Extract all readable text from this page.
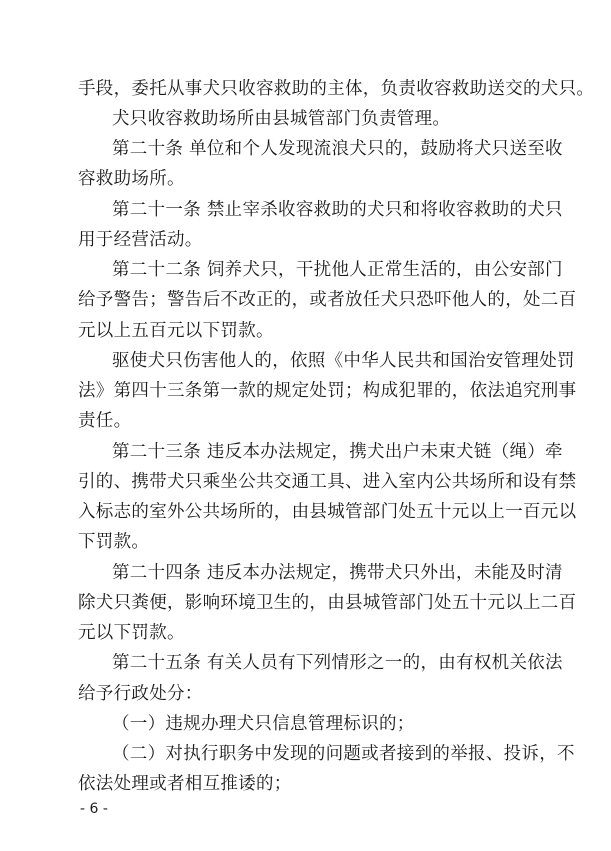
手段，委托从事犬只收容救助的主体，负责收容救助送交的犬只。
犬只收容救助场所由县城管部门负责管理。
第二十条 单位和个人发现流浪犬只的，鼓励将犬只送至收
容救助场所。
第二十一条 禁止宰杀收容救助的犬只和将收容救助的犬只
用于经营活动。
第二十二条 饲养犬只，干扰他人正常生活的，由公安部门
给予警告；警告后不改正的，或者放任犬只恐吓他人的，处二百
元以上五百元以下罚款。
驱使犬只伤害他人的，依照《中华人民共和国治安管理处罚
法》第四十三条第一款的规定处罚；构成犯罪的，依法追究刑事
责任。
第二十三条 违反本办法规定，携犬出户未束犬链（绳）牵
引的、携带犬只乘坐公共交通工具、进入室内公共场所和设有禁
入标志的室外公共场所的，由县城管部门处五十元以上一百元以
下罚款。
第二十四条 违反本办法规定，携带犬只外出，未能及时清
除犬只粪便，影响环境卫生的，由县城管部门处五十元以上二百
元以下罚款。
第二十五条 有关人员有下列情形之一的，由有权机关依法
给予行政处分：
（一）违规办理犬只信息管理标识的；
（二）对执行职务中发现的问题或者接到的举报、投诉，不
依法处理或者相互推诿的；
- 6 -
